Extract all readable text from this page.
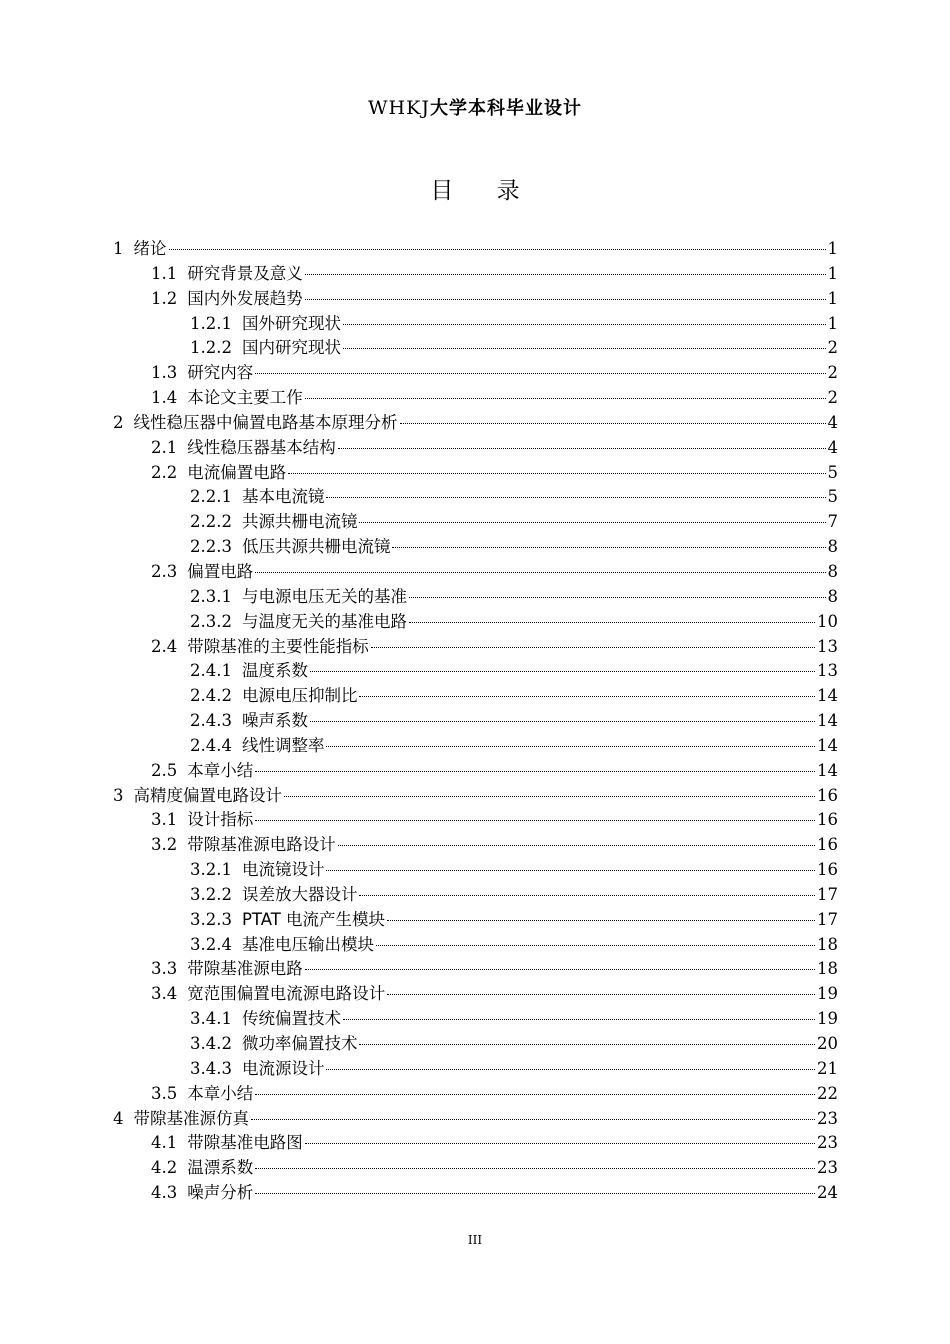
WHKJ大学本科毕业设计
目 录
1 绪论	1
1.1 研究背景及意义	1
1.2 国内外发展趋势	1
1.2.1 国外研究现状	1
1.2.2 国内研究现状	2
1.3 研究内容	2
1.4 本论文主要工作	2
2 线性稳压器中偏置电路基本原理分析	4
2.1 线性稳压器基本结构	4
2.2 电流偏置电路	5
2.2.1 基本电流镜	5
2.2.2 共源共栅电流镜	7
2.2.3 低压共源共栅电流镜	8
2.3 偏置电路	8
2.3.1 与电源电压无关的基准	8
2.3.2 与温度无关的基准电路	10
2.4 带隙基准的主要性能指标	13
2.4.1 温度系数	13
2.4.2 电源电压抑制比	14
2.4.3 噪声系数	14
2.4.4 线性调整率	14
2.5 本章小结	14
3 高精度偏置电路设计	16
3.1 设计指标	16
3.2 带隙基准源电路设计	16
3.2.1 电流镜设计	16
3.2.2 误差放大器设计	17
3.2.3 PTAT 电流产生模块	17
3.2.4 基准电压输出模块	18
3.3 带隙基准源电路	18
3.4 宽范围偏置电流源电路设计	19
3.4.1 传统偏置技术	19
3.4.2 微功率偏置技术	20
3.4.3 电流源设计	21
3.5 本章小结	22
4 带隙基准源仿真	23
4.1 带隙基准电路图	23
4.2 温漂系数	23
4.3 噪声分析	24
III
